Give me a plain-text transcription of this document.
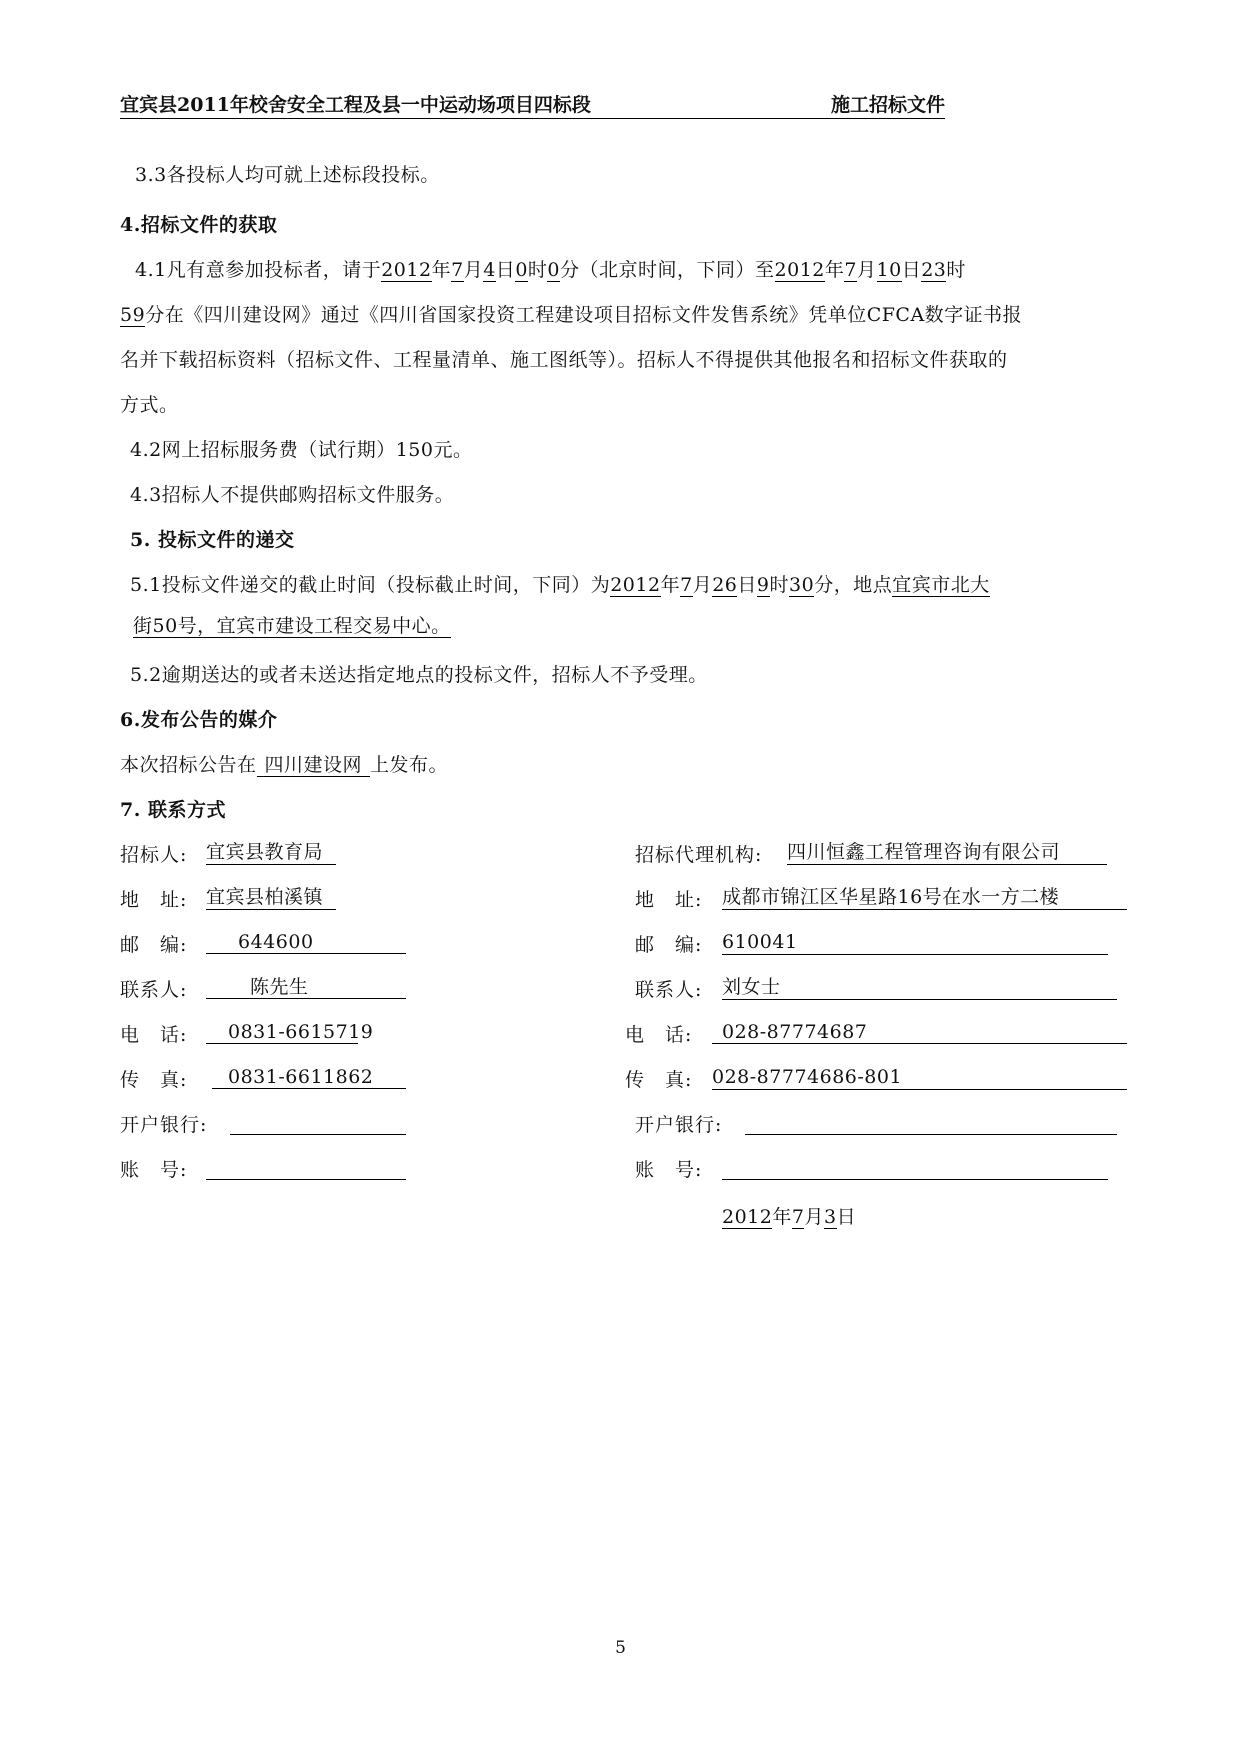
宜宾县2011年校舍安全工程及县一中运动场项目四标段	施工招标文件
3.3各投标人均可就上述标段投标。
4.招标文件的获取
4.1凡有意参加投标者，请于2012年7月4日0时0分（北京时间，下同）至2012年7月10日23时
59分在《四川建设网》通过《四川省国家投资工程建设项目招标文件发售系统》凭单位CFCA数字证书报
名并下载招标资料（招标文件、工程量清单、施工图纸等）。招标人不得提供其他报名和招标文件获取的
方式。
4.2网上招标服务费（试行期）150元。
4.3招标人不提供邮购招标文件服务。
5. 投标文件的递交
5.1投标文件递交的截止时间（投标截止时间，下同）为2012年7月26日9时30分，地点宜宾市北大
街50号，宜宾市建设工程交易中心。
5.2逾期送达的或者未送达指定地点的投标文件，招标人不予受理。
6.发布公告的媒介
本次招标公告在 四川建设网 上发布。
7. 联系方式
招标人: 宜宾县教育局
地　址: 宜宾县柏溪镇
邮　编:	644600
联系人:	陈先生
电　话:	0831-6615719
传　真:	0831-6611862
开户银行:
账　号:
招标代理机构: 四川恒鑫工程管理咨询有限公司
地　址: 成都市锦江区华星路16号在水一方二楼
邮　编: 610041
联系人: 刘女士
电　话:	028-87774687
传　真: 028-87774686-801
开户银行:
账　号:
2012年7月3日
5
